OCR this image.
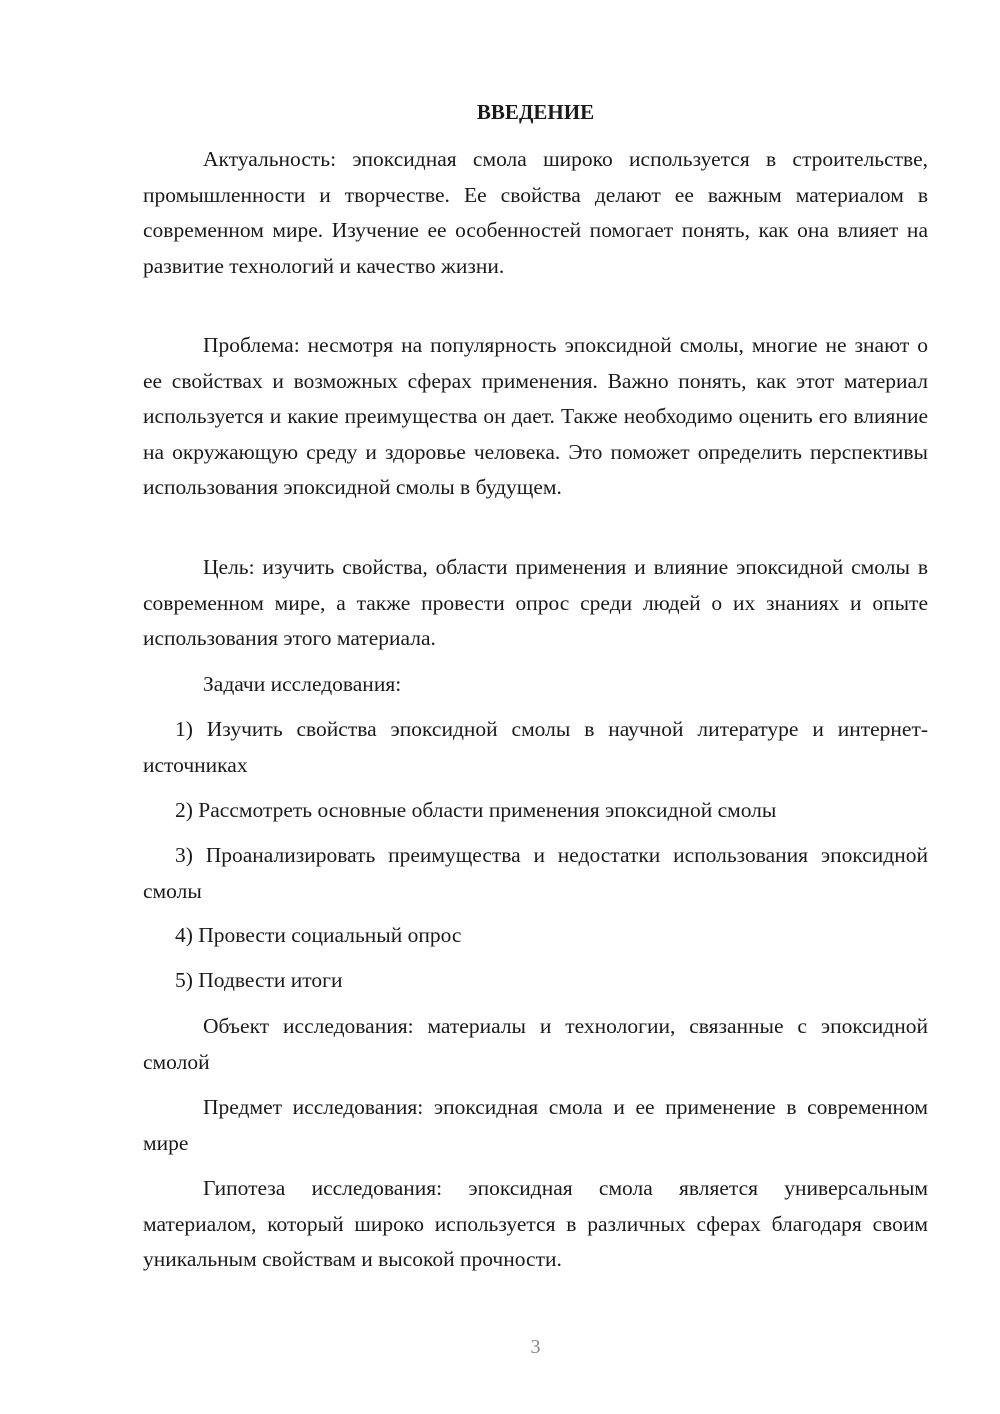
ВВЕДЕНИЕ

Актуальность: эпоксидная смола широко используется в строительстве, промышленности и творчестве. Ее свойства делают ее важным материалом в современном мире. Изучение ее особенностей помогает понять, как она влияет на развитие технологий и качество жизни.

Проблема: несмотря на популярность эпоксидной смолы, многие не знают о ее свойствах и возможных сферах применения. Важно понять, как этот материал используется и какие преимущества он дает. Также необходимо оценить его влияние на окружающую среду и здоровье человека. Это поможет определить перспективы использования эпоксидной смолы в будущем.

Цель: изучить свойства, области применения и влияние эпоксидной смолы в современном мире, а также провести опрос среди людей о их знаниях и опыте использования этого материала.

Задачи исследования:

1) Изучить свойства эпоксидной смолы в научной литературе и интернет-источниках

2) Рассмотреть основные области применения эпоксидной смолы

3) Проанализировать преимущества и недостатки использования эпоксидной смолы

4) Провести социальный опрос

5) Подвести итоги

Объект исследования: материалы и технологии, связанные с эпоксидной смолой

Предмет исследования: эпоксидная смола и ее применение в современном мире

Гипотеза исследования: эпоксидная смола является универсальным материалом, который широко используется в различных сферах благодаря своим уникальным свойствам и высокой прочности.

3
